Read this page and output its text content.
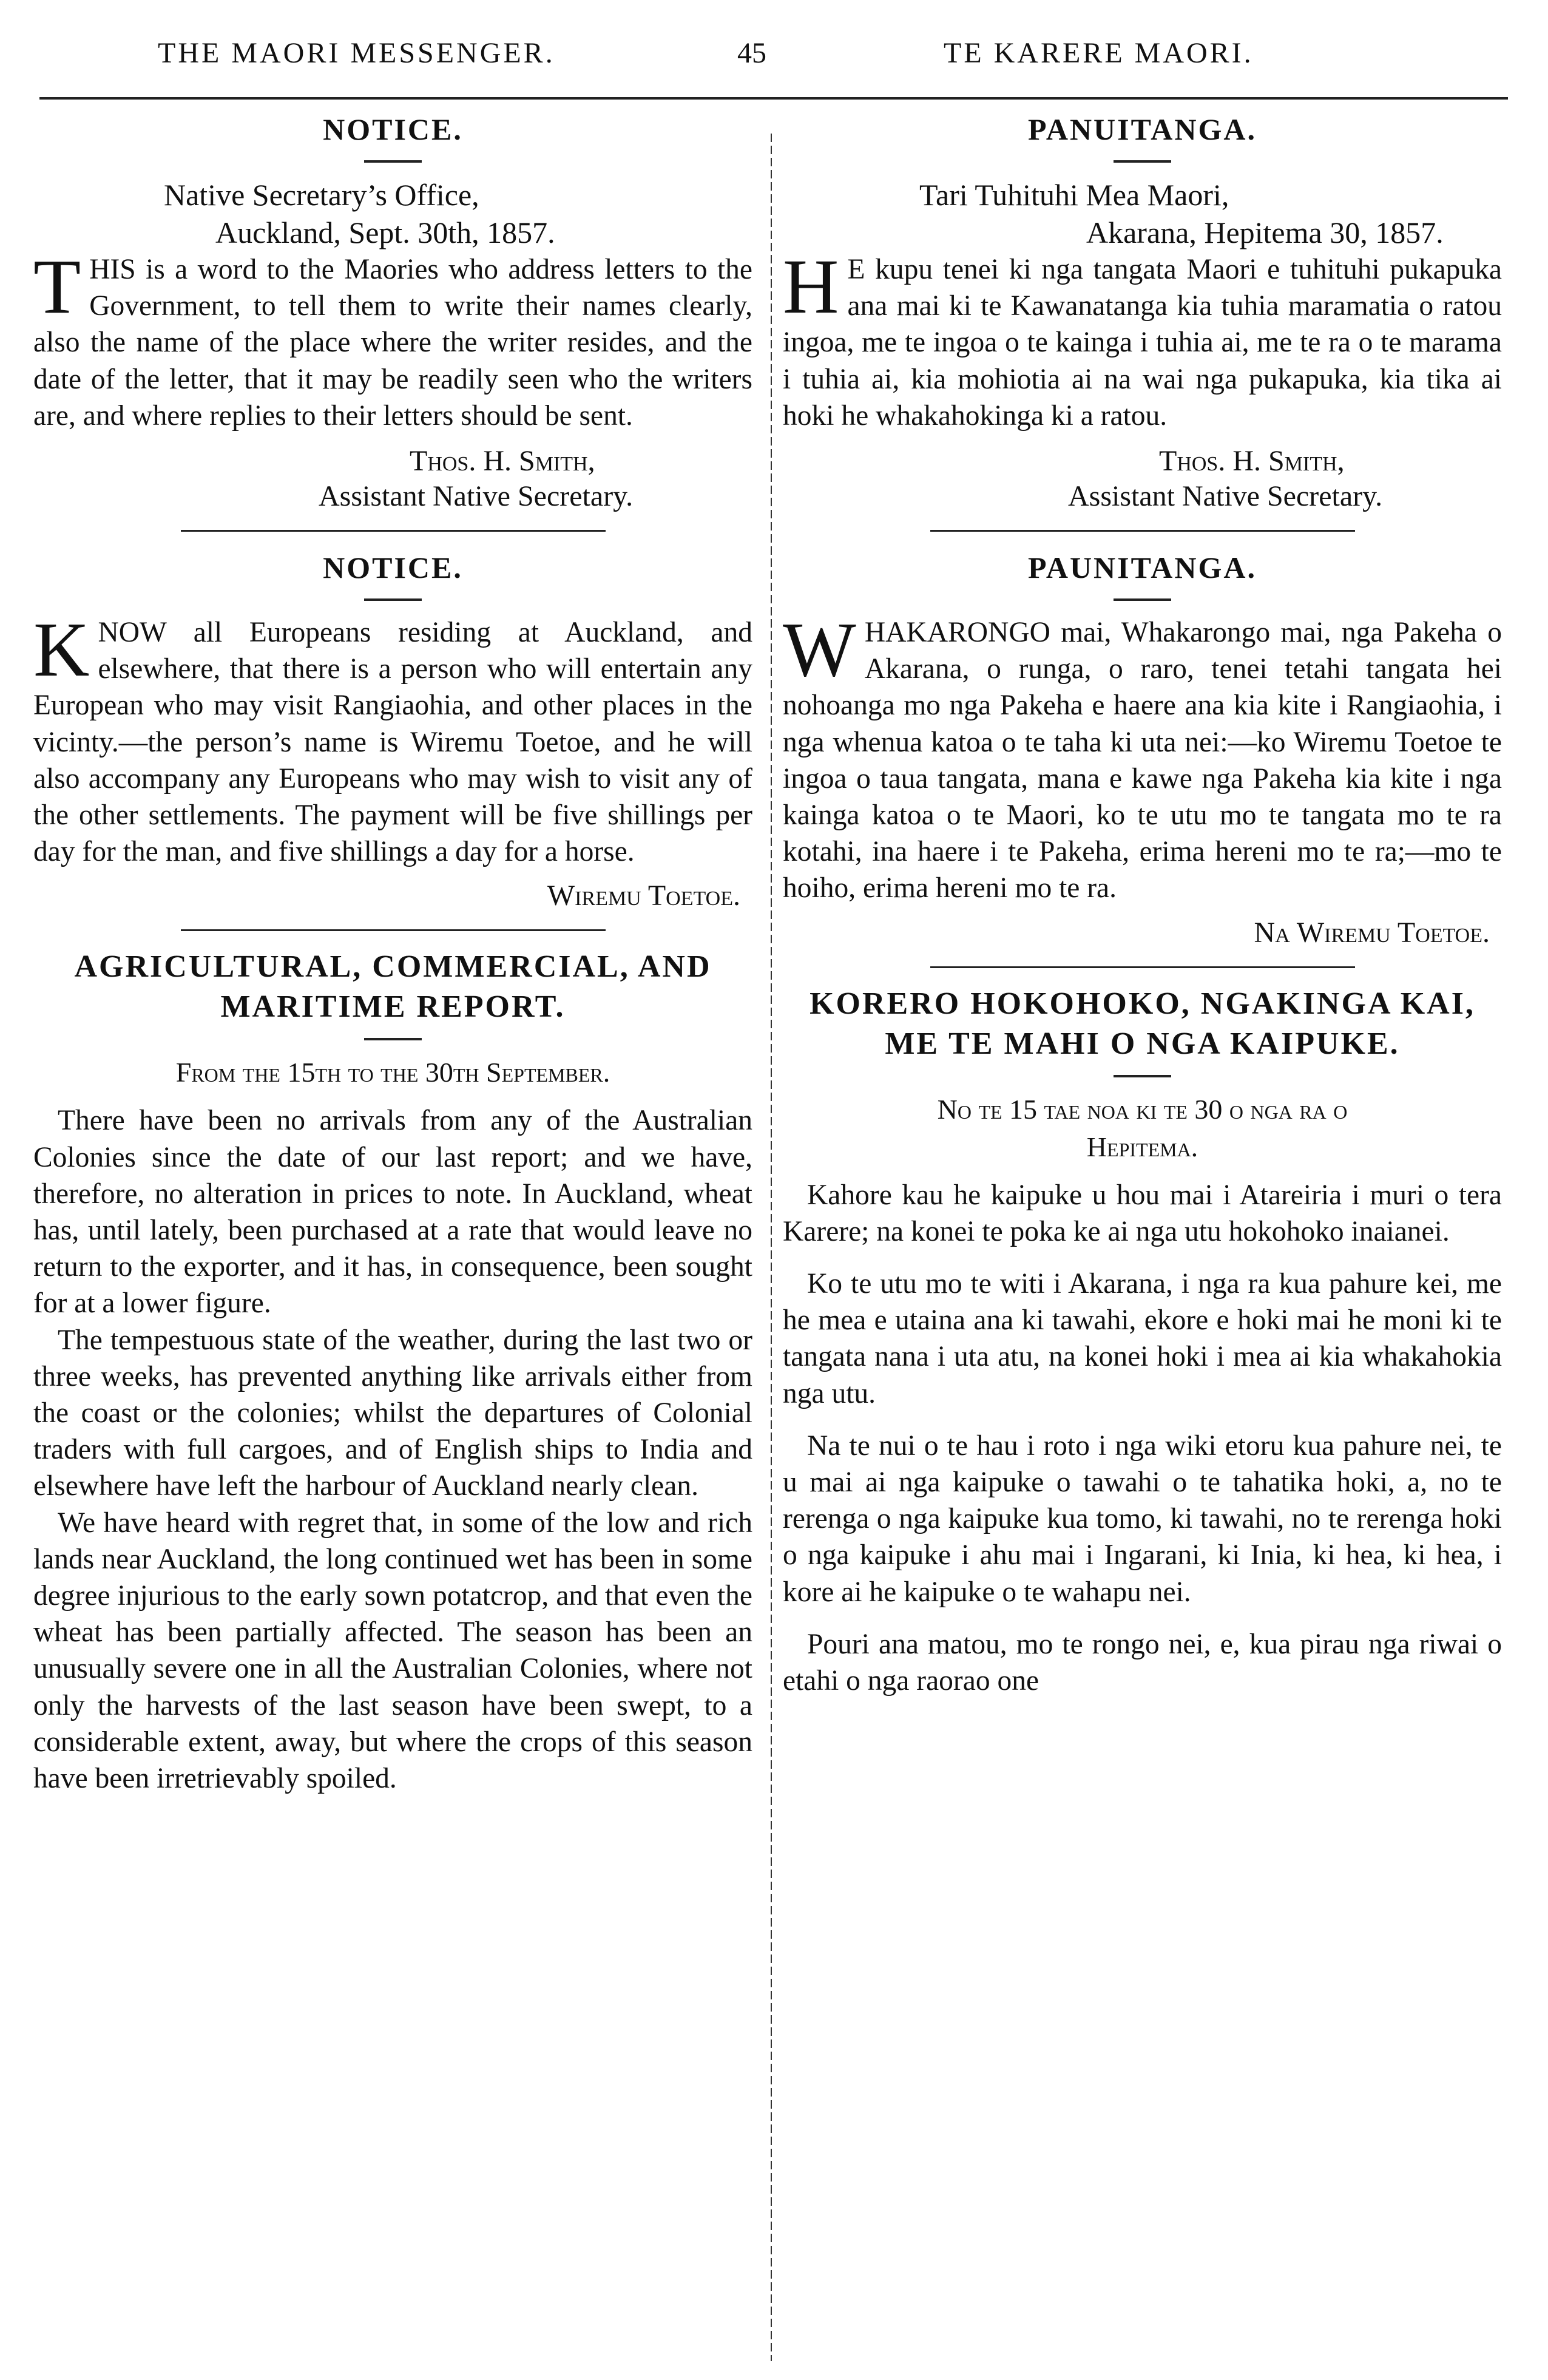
THE MAORI MESSENGER.	45	TE KARERE MAORI.
NOTICE.

Native Secretary’s Office,

Auckland, Sept. 30th, 1857.

THIS is a word to the Maories who address letters to the Government, to tell them to write their names clearly, also the name of the place where the writer resides, and the date of the letter, that it may be readily seen who the writers are, and where replies to their letters should be sent.

Thos. H. Smith,

Assistant Native Secretary.

NOTICE.

KNOW all Europeans residing at Auckland, and elsewhere, that there is a person who will entertain any European who may visit Rangiaohia, and other places in the vicinty.—the person’s name is Wiremu Toetoe, and he will also accompany any Europeans who may wish to visit any of the other settlements. The payment will be five shillings per day for the man, and five shillings a day for a horse.

Wiremu Toetoe.

AGRICULTURAL, COMMERCIAL, AND
MARITIME REPORT.

From the 15th to the 30th September.

There have been no arrivals from any of the Australian Colonies since the date of our last report; and we have, therefore, no alteration in prices to note. In Auckland, wheat has, until lately, been purchased at a rate that would leave no return to the exporter, and it has, in consequence, been sought for at a lower figure.

The tempestuous state of the weather, during the last two or three weeks, has prevented anything like arrivals either from the coast or the colonies; whilst the departures of Colonial traders with full cargoes, and of English ships to India and elsewhere have left the harbour of Auckland nearly clean.

We have heard with regret that, in some of the low and rich lands near Auckland, the long continued wet has been in some degree injurious to the early sown potatcrop, and that even the wheat has been partially affected. The season has been an unusually severe one in all the Australian Colonies, where not only the harvests of the last season have been swept, to a considerable extent, away, but where the crops of this season have been irretrievably spoiled.

PANUITANGA.

Tari Tuhituhi Mea Maori,

Akarana, Hepitema 30, 1857.

H E kupu tenei ki nga tangata Maori e tuhituhi pukapuka ana mai ki te Kawanatanga kia tuhia maramatia o ratou ingoa, me te ingoa o te kainga i tuhia ai, me te ra o te marama i tuhia ai, kia mohiotia ai na wai nga pukapuka, kia tika ai hoki he whakahokinga ki a ratou.

Thos. H. Smith,

Assistant Native Secretary.

PAUNITANGA.

WHAKARONGO mai, Whakarongo mai, nga Pakeha o Akarana, o runga, o raro, tenei tetahi tangata hei nohoanga mo nga Pakeha e haere ana kia kite i Rangiaohia, i nga whenua katoa o te taha ki uta nei:—ko Wiremu Toetoe te ingoa o taua tangata, mana e kawe nga Pakeha kia kite i nga kainga katoa o te Maori, ko te utu mo te tangata mo te ra kotahi, ina haere i te Pakeha, erima hereni mo te ra;—mo te hoiho, erima hereni mo te ra.

Na Wiremu Toetoe.

KORERO HOKOHOKO, NGAKINGA KAI,
ME TE MAHI O NGA KAIPUKE.

No te 15 tae noa ki te 30 o nga ra o

Hepitema.

Kahore kau he kaipuke u hou mai i Atareiria i muri o tera Karere; na konei te poka ke ai nga utu hokohoko inaianei.

Ko te utu mo te witi i Akarana, i nga ra kua pahure kei, me he mea e utaina ana ki tawahi, ekore e hoki mai he moni ki te tangata nana i uta atu, na konei hoki i mea ai kia whakahokia nga utu.

Na te nui o te hau i roto i nga wiki etoru kua pahure nei, te u mai ai nga kaipuke o tawahi o te tahatika hoki, a, no te rerenga o nga kaipuke kua tomo, ki tawahi, no te rerenga hoki o nga kaipuke i ahu mai i Ingarani, ki Inia, ki hea, ki hea, i kore ai he kaipuke o te wahapu nei.

Pouri ana matou, mo te rongo nei, e, kua pirau nga riwai o etahi o nga raorao one
